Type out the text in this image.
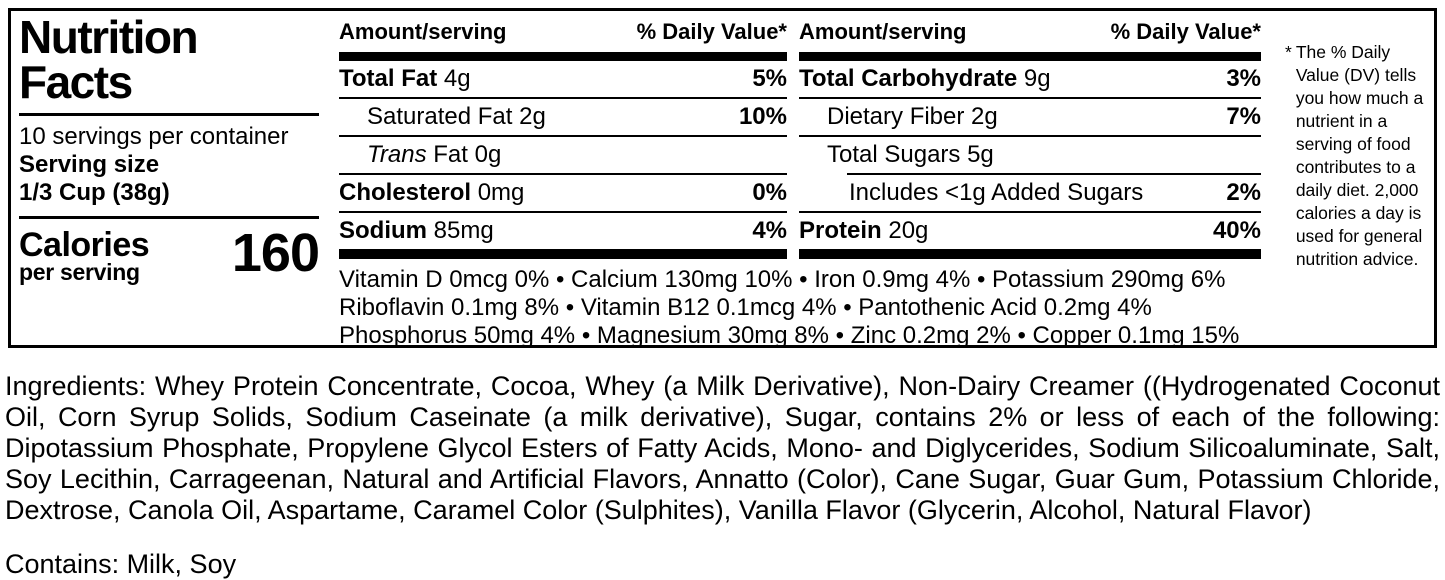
Nutrition
Facts
10 servings per container
Serving size
1/3 Cup (38g)
Calories
per serving 160
Amount/serving	% Daily Value*
Total Fat 4g	5%
Saturated Fat 2g	10%
Trans Fat 0g
Cholesterol 0mg	0%
Sodium 85mg	4%
Amount/serving	% Daily Value*
Total Carbohydrate 9g	3%
Dietary Fiber 2g	7%
Total Sugars 5g
Includes <1g Added Sugars	2%
Protein 20g	40%
Vitamin D 0mcg 0% • Calcium 130mg 10% • Iron 0.9mg 4% • Potassium 290mg 6%
Riboflavin 0.1mg 8% • Vitamin B12 0.1mcg 4% • Pantothenic Acid 0.2mg 4%
Phosphorus 50mg 4% • Magnesium 30mg 8% • Zinc 0.2mg 2% • Copper 0.1mg 15%
* The % Daily Value (DV) tells you how much a nutrient in a serving of food contributes to a daily diet. 2,000 calories a day is used for general nutrition advice.

Ingredients: Whey Protein Concentrate, Cocoa, Whey (a Milk Derivative), Non-Dairy Creamer ((Hydrogenated Coconut Oil, Corn Syrup Solids, Sodium Caseinate (a milk derivative), Sugar, contains 2% or less of each of the following: Dipotassium Phosphate, Propylene Glycol Esters of Fatty Acids, Mono- and Diglycerides, Sodium Silicoaluminate, Salt, Soy Lecithin, Carrageenan, Natural and Artificial Flavors, Annatto (Color), Cane Sugar, Guar Gum, Potassium Chloride, Dextrose, Canola Oil, Aspartame, Caramel Color (Sulphites), Vanilla Flavor (Glycerin, Alcohol, Natural Flavor)

Contains: Milk, Soy
